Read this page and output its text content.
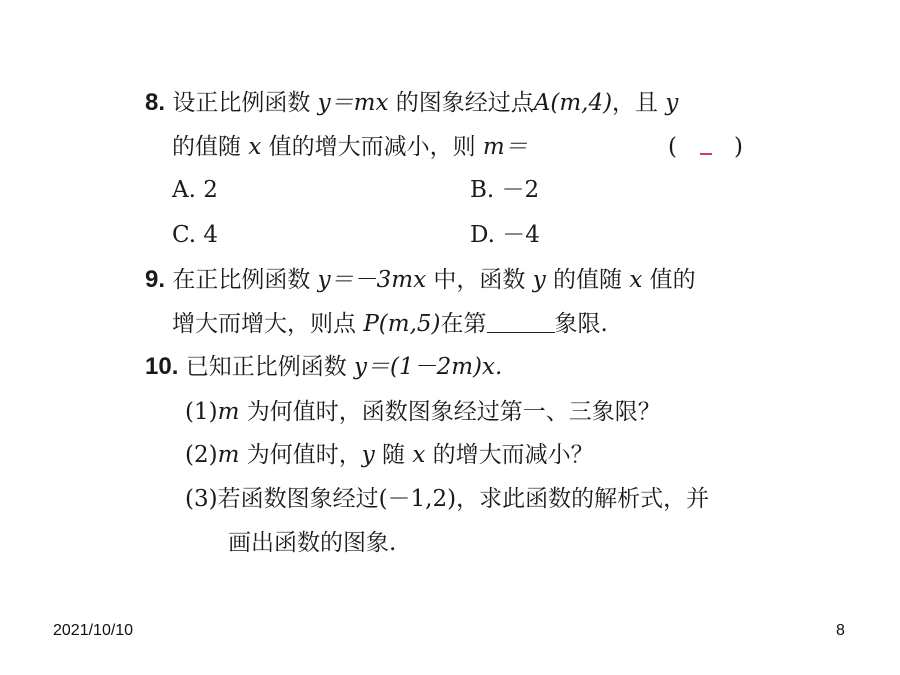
8. 设正比例函数 y＝mx 的图象经过点A(m,4)，且 y
的值随 x 值的增大而减小，则 m＝	( )
A. 2	B. －2
C. 4	D. －4
9. 在正比例函数 y＝－3mx 中，函数 y 的值随 x 值的
增大而增大，则点 P(m,5)在第	象限.
10. 已知正比例函数 y＝(1－2m)x.
(1)m 为何值时，函数图象经过第一、三象限？
(2)m 为何值时，y 随 x 的增大而减小？
(3)若函数图象经过(－1,2)，求此函数的解析式，并
画出函数的图象.
2021/10/10	8
